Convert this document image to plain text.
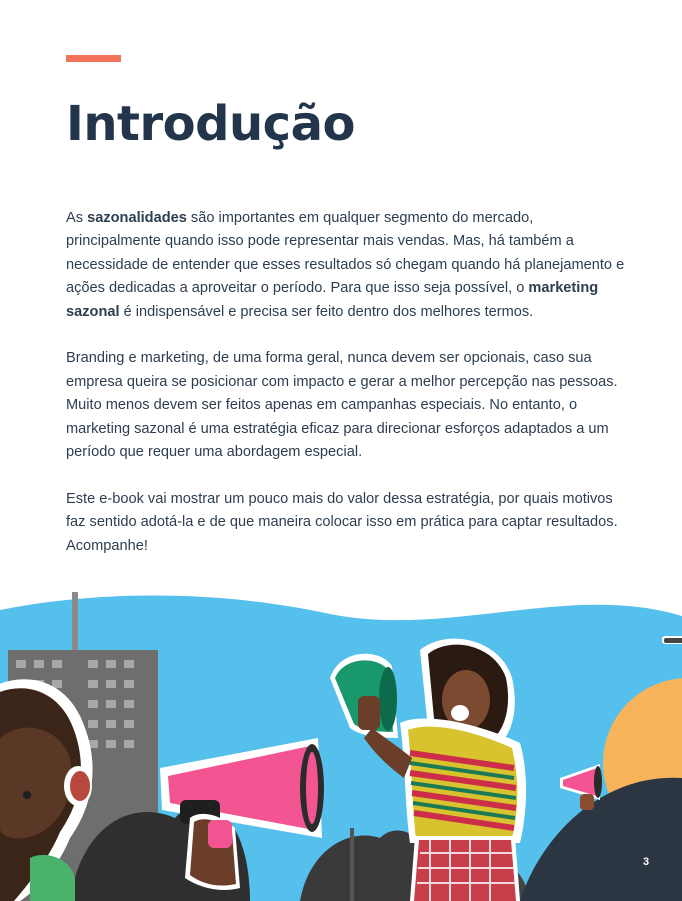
Introdução

As sazonalidades são importantes em qualquer segmento do mercado, principalmente quando isso pode representar mais vendas. Mas, há também a necessidade de entender que esses resultados só chegam quando há planejamento e ações dedicadas a aproveitar o período. Para que isso seja possível, o marketing sazonal é indispensável e precisa ser feito dentro dos melhores termos.

Branding e marketing, de uma forma geral, nunca devem ser opcionais, caso sua empresa queira se posicionar com impacto e gerar a melhor percepção nas pessoas. Muito menos devem ser feitos apenas em campanhas especiais. No entanto, o marketing sazonal é uma estratégia eficaz para direcionar esforços adaptados a um período que requer uma abordagem especial.

Este e-book vai mostrar um pouco mais do valor dessa estratégia, por quais motivos faz sentido adotá-la e de que maneira colocar isso em prática para captar resultados. Acompanhe!

3
